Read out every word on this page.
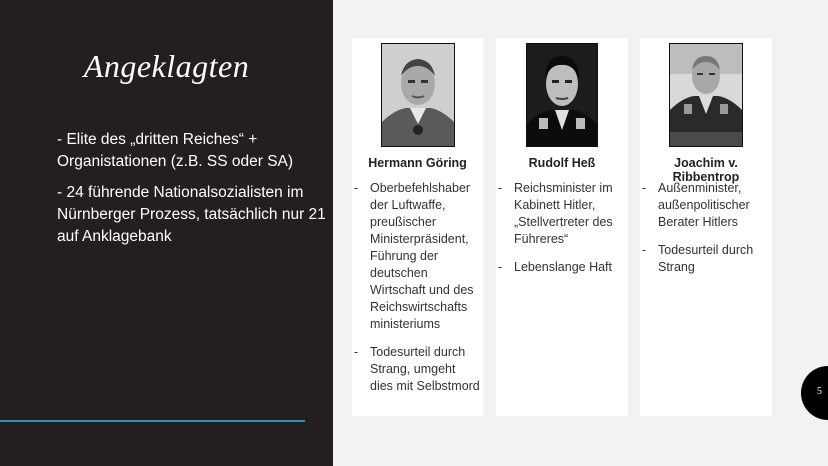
Angeklagten

- Elite des „dritten Reiches“ + Organistationen (z.B. SS oder SA)

- 24 führende Nationalsozialisten im Nürnberger Prozess, tatsächlich nur 21 auf Anklagebank

Hermann Göring
- Oberbefehlshaber der Luftwaffe, preußischer Ministerpräsident, Führung der deutschen Wirtschaft und des Reichswirtschafts ministeriums
- Todesurteil durch Strang, umgeht dies mit Selbstmord
Rudolf Heß
- Reichsminister im Kabinett Hitler, „Stellvertreter des Führeres“
- Lebenslange Haft
Joachim v. Ribbentrop
- Außenminister, außenpolitischer Berater Hitlers
- Todesurteil durch Strang
5
